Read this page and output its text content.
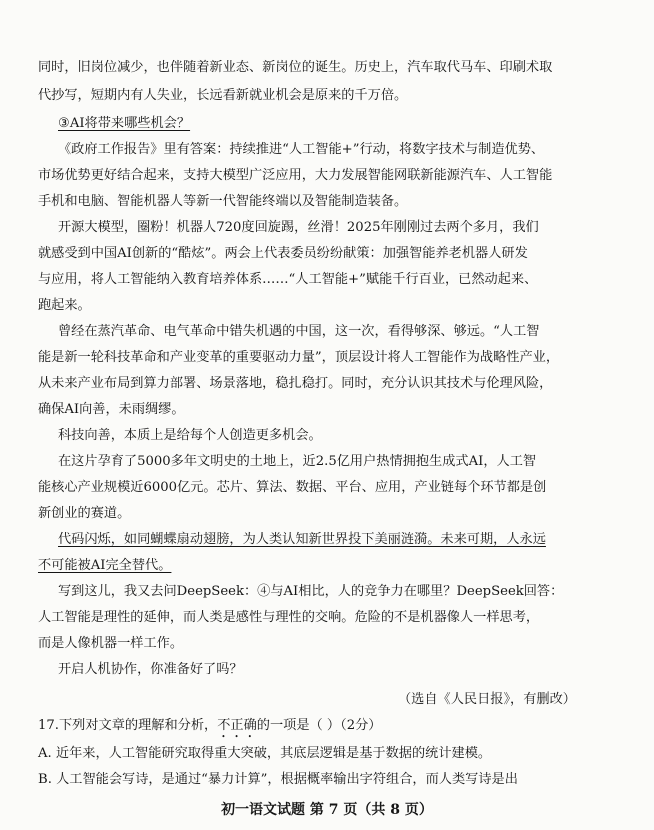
同时，旧岗位减少，也伴随着新业态、新岗位的诞生。历史上，汽车取代马车、印刷术取
代抄写，短期内有人失业，长远看新就业机会是原来的千万倍。
③AI将带来哪些机会？
《政府工作报告》里有答案：持续推进“人工智能+”行动，将数字技术与制造优势、
市场优势更好结合起来，支持大模型广泛应用，大力发展智能网联新能源汽车、人工智能
手机和电脑、智能机器人等新一代智能终端以及智能制造装备。
开源大模型，圈粉！机器人720度回旋踢，丝滑！2025年刚刚过去两个多月，我们
就感受到中国AI创新的“酷炫”。两会上代表委员纷纷献策：加强智能养老机器人研发
与应用，将人工智能纳入教育培养体系……“人工智能+”赋能千行百业，已然动起来、
跑起来。
曾经在蒸汽革命、电气革命中错失机遇的中国，这一次，看得够深、够远。“人工智
能是新一轮科技革命和产业变革的重要驱动力量”，顶层设计将人工智能作为战略性产业，
从未来产业布局到算力部署、场景落地，稳扎稳打。同时，充分认识其技术与伦理风险，
确保AI向善，未雨绸缪。
科技向善，本质上是给每个人创造更多机会。
在这片孕育了5000多年文明史的土地上，近2.5亿用户热情拥抱生成式AI，人工智
能核心产业规模近6000亿元。芯片、算法、数据、平台、应用，产业链每个环节都是创
新创业的赛道。
代码闪烁，如同蝴蝶扇动翅膀，为人类认知新世界投下美丽涟漪。未来可期，人永远
不可能被AI完全替代。
写到这儿，我又去问DeepSeek：④与AI相比，人的竞争力在哪里？DeepSeek回答：
人工智能是理性的延伸，而人类是感性与理性的交响。危险的不是机器像人一样思考，
而是人像机器一样工作。
开启人机协作，你准备好了吗？
（选自《人民日报》，有删改）
17.下列对文章的理解和分析，不正确的一项是（ ）（2分）
A. 近年来，人工智能研究取得重大突破，其底层逻辑是基于数据的统计建模。
B. 人工智能会写诗，是通过“暴力计算”，根据概率输出字符组合，而人类写诗是出
初一语文试题 第 7 页（共 8 页）
